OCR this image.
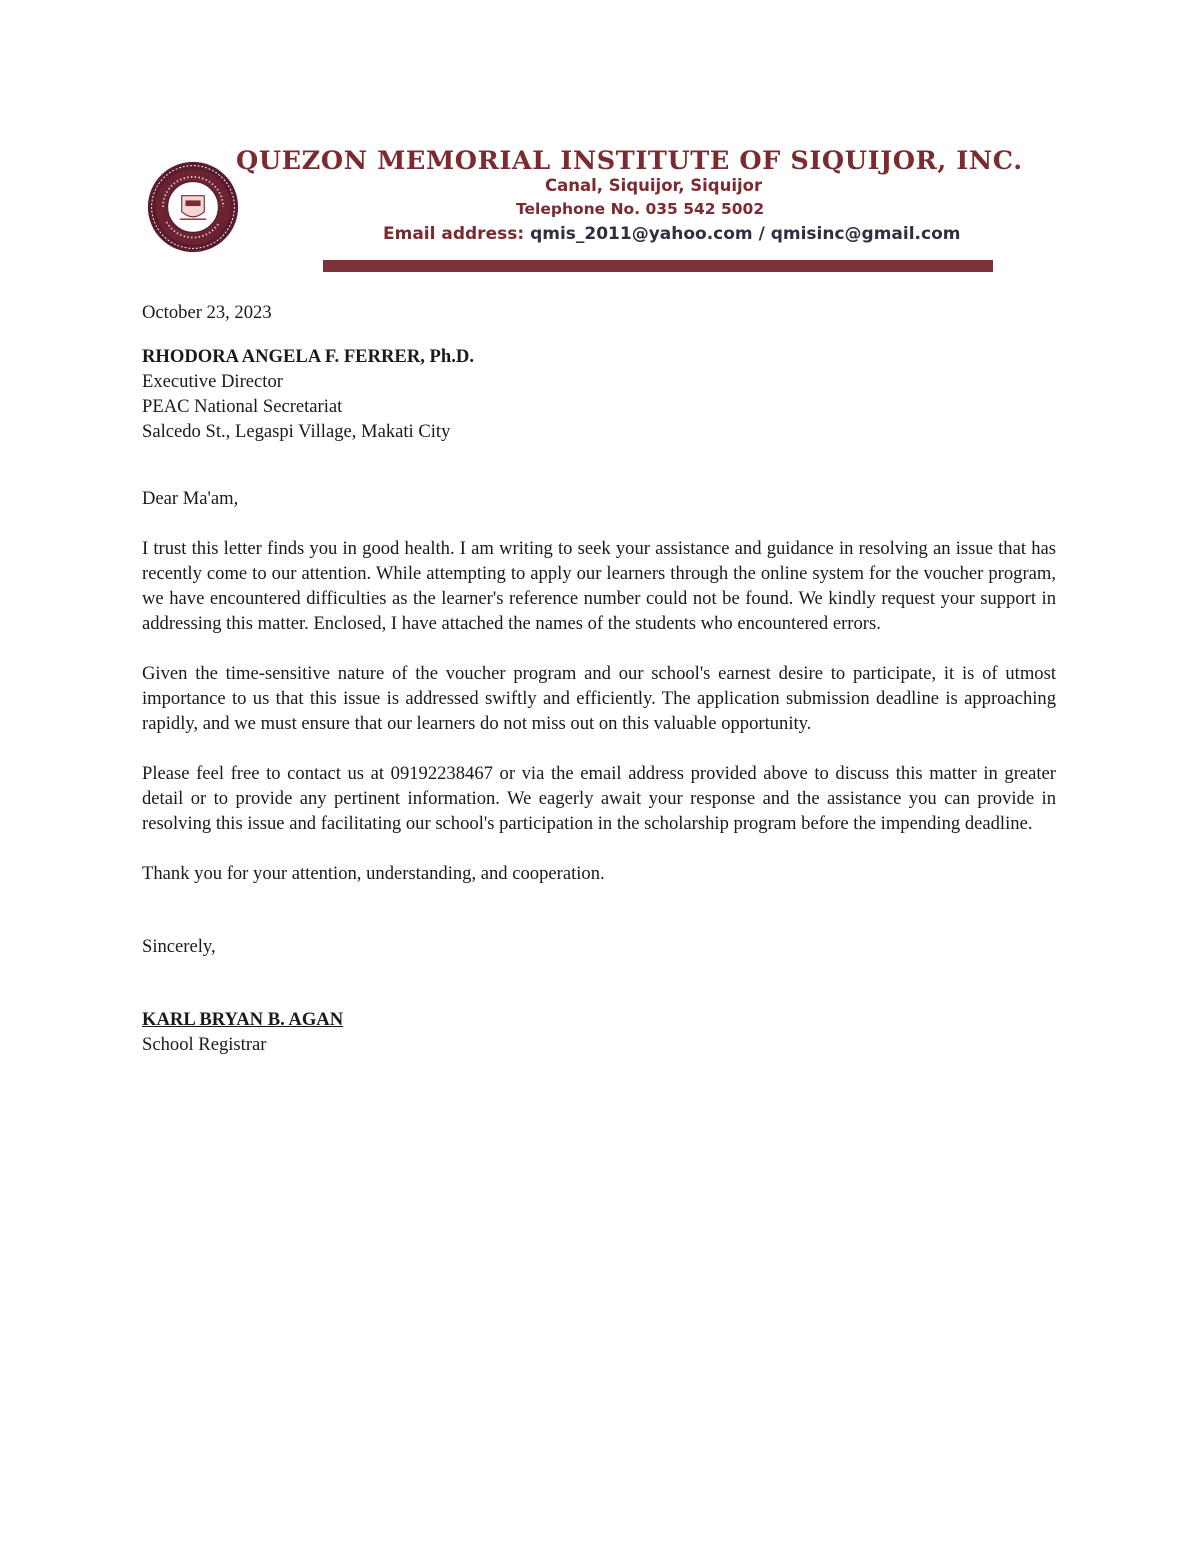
QUEZON MEMORIAL INSTITUTE OF SIQUIJOR, INC.
Canal, Siquijor, Siquijor
Telephone No. 035 542 5002
Email address: qmis_2011@yahoo.com / qmisinc@gmail.com
October 23, 2023
RHODORA ANGELA F. FERRER, Ph.D.
Executive Director
PEAC National Secretariat
Salcedo St., Legaspi Village, Makati City
Dear Ma'am,
I trust this letter finds you in good health. I am writing to seek your assistance and guidance in resolving an issue that has recently come to our attention. While attempting to apply our learners through the online system for the voucher program, we have encountered difficulties as the learner's reference number could not be found. We kindly request your support in addressing this matter. Enclosed, I have attached the names of the students who encountered errors.
Given the time-sensitive nature of the voucher program and our school's earnest desire to participate, it is of utmost importance to us that this issue is addressed swiftly and efficiently. The application submission deadline is approaching rapidly, and we must ensure that our learners do not miss out on this valuable opportunity.
Please feel free to contact us at 09192238467 or via the email address provided above to discuss this matter in greater detail or to provide any pertinent information. We eagerly await your response and the assistance you can provide in resolving this issue and facilitating our school's participation in the scholarship program before the impending deadline.
Thank you for your attention, understanding, and cooperation.
Sincerely,
KARL BRYAN B. AGAN
School Registrar
